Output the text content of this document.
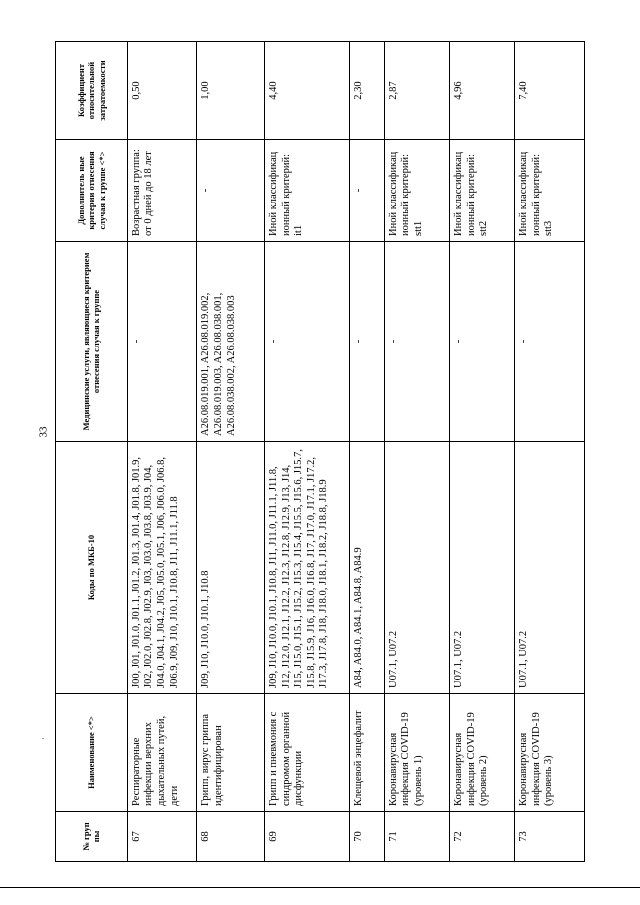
33
.
№ груп пы	Наименование <*>	Коды по МКБ-10	Медицинские услуги, являющиеся критерием отнесения случая к группе	Дополнитель ные критерии отнесения случая к группе <*>	Коэффициент относительной затратоемкости
67	Респираторные инфекции верхних дыхательных путей, дети	J00, J01, J01.0, J01.1, J01.2, J01.3, J01.4, J01.8, J01.9, J02, J02.0, J02.8, J02.9, J03, J03.0, J03.8, J03.9, J04, J04.0, J04.1, J04.2, J05, J05.0, J05.1, J06, J06.0, J06.8, J06.9, J09, J10, J10.1, J10.8, J11, J11.1, J11.8	-	Возрастная группа: от 0 дней до 18 лет	0,50
68	Грипп, вирус гриппа идентифицирован	J09, J10, J10.0, J10.1, J10.8	A26.08.019.001, A26.08.019.002, A26.08.019.003, A26.08.038.001, A26.08.038.002, A26.08.038.003	-	1,00
69	Грипп и пневмония с синдромом органной дисфункции	J09, J10, J10.0, J10.1, J10.8, J11, J11.0, J11.1, J11.8, J12, J12.0, J12.1, J12.2, J12.3, J12.8, J12.9, J13, J14, J15, J15.0, J15.1, J15.2, J15.3, J15.4, J15.5, J15.6, J15.7, J15.8, J15.9, J16, J16.0, J16.8, J17, J17.0, J17.1, J17.2, J17.3, J17.8, J18, J18.0, J18.1, J18.2, J18.8, J18.9	-	Иной классификац ионный критерий: it1	4,40
70	Клещевой энцефалит	A84, A84.0, A84.1, A84.8, A84.9	-	-	2,30
71	Коронавирусная инфекция COVID-19 (уровень 1)	U07.1, U07.2	-	Иной классификац ионный критерий: stt1	2,87
72	Коронавирусная инфекция COVID-19 (уровень 2)	U07.1, U07.2	-	Иной классификац ионный критерий: stt2	4,96
73	Коронавирусная инфекция COVID-19 (уровень 3)	U07.1, U07.2	-	Иной классификац ионный критерий: stt3	7,40
